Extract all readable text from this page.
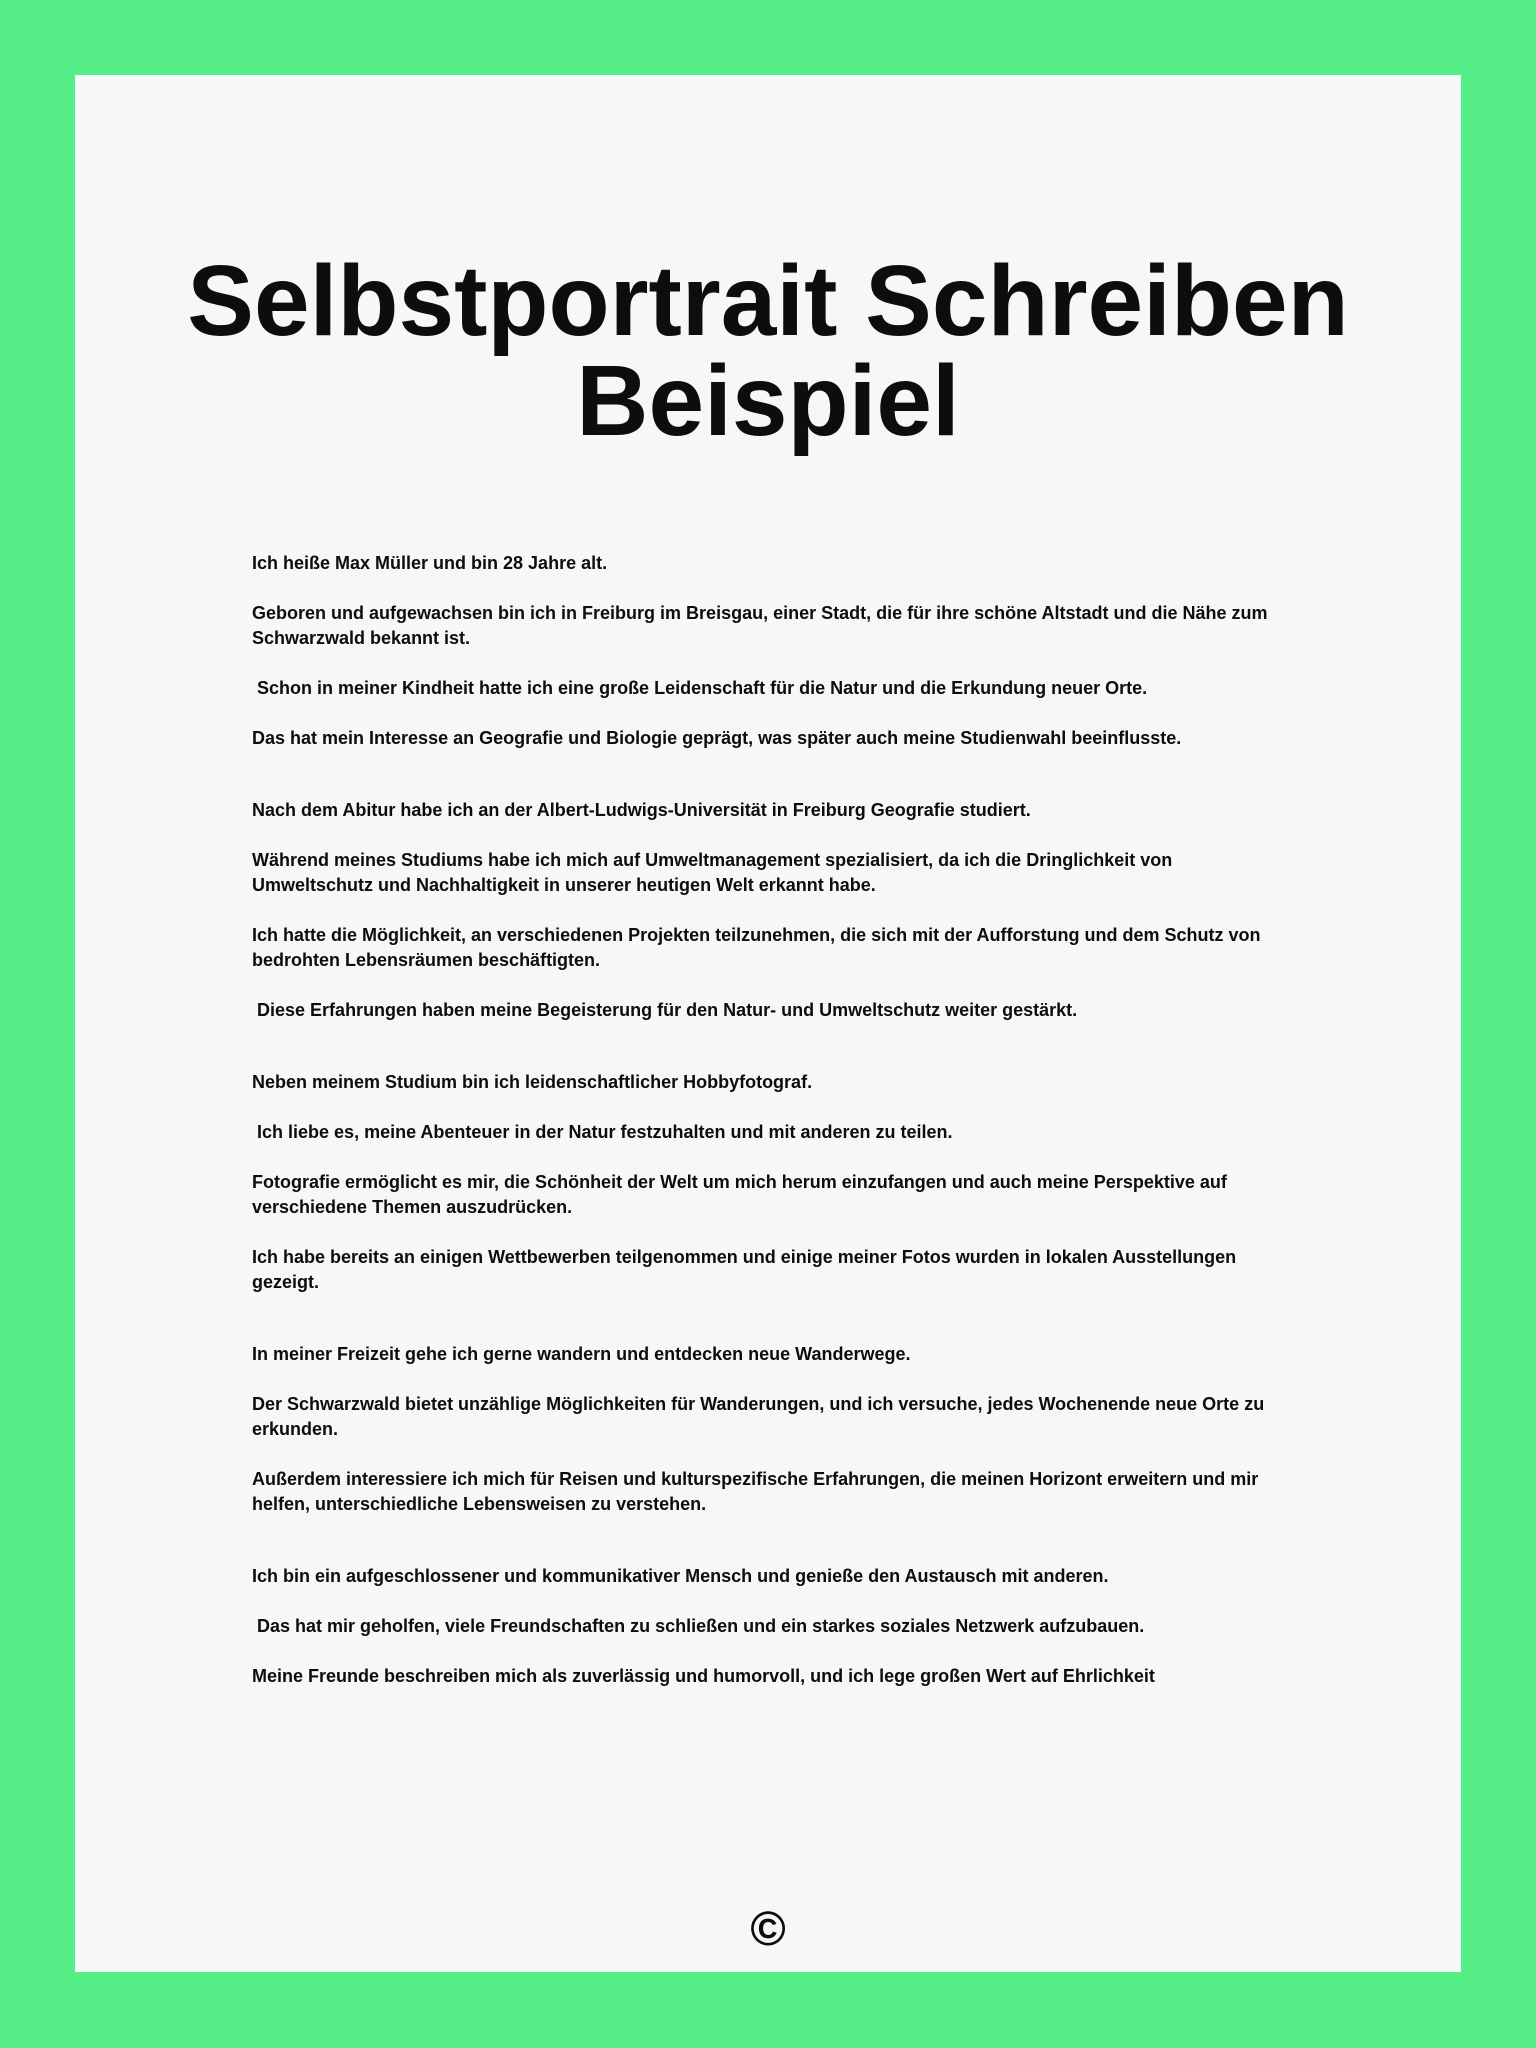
Selbstportrait Schreiben Beispiel

Ich heiße Max Müller und bin 28 Jahre alt.

Geboren und aufgewachsen bin ich in Freiburg im Breisgau, einer Stadt, die für ihre schöne Altstadt und die Nähe zum Schwarzwald bekannt ist.

Schon in meiner Kindheit hatte ich eine große Leidenschaft für die Natur und die Erkundung neuer Orte.

Das hat mein Interesse an Geografie und Biologie geprägt, was später auch meine Studienwahl beeinflusste.

Nach dem Abitur habe ich an der Albert-Ludwigs-Universität in Freiburg Geografie studiert.

Während meines Studiums habe ich mich auf Umweltmanagement spezialisiert, da ich die Dringlichkeit von Umweltschutz und Nachhaltigkeit in unserer heutigen Welt erkannt habe.

Ich hatte die Möglichkeit, an verschiedenen Projekten teilzunehmen, die sich mit der Aufforstung und dem Schutz von bedrohten Lebensräumen beschäftigten.

Diese Erfahrungen haben meine Begeisterung für den Natur- und Umweltschutz weiter gestärkt.

Neben meinem Studium bin ich leidenschaftlicher Hobbyfotograf.

Ich liebe es, meine Abenteuer in der Natur festzuhalten und mit anderen zu teilen.

Fotografie ermöglicht es mir, die Schönheit der Welt um mich herum einzufangen und auch meine Perspektive auf verschiedene Themen auszudrücken.

Ich habe bereits an einigen Wettbewerben teilgenommen und einige meiner Fotos wurden in lokalen Ausstellungen gezeigt.

In meiner Freizeit gehe ich gerne wandern und entdecken neue Wanderwege.

Der Schwarzwald bietet unzählige Möglichkeiten für Wanderungen, und ich versuche, jedes Wochenende neue Orte zu erkunden.

Außerdem interessiere ich mich für Reisen und kulturspezifische Erfahrungen, die meinen Horizont erweitern und mir helfen, unterschiedliche Lebensweisen zu verstehen.

Ich bin ein aufgeschlossener und kommunikativer Mensch und genieße den Austausch mit anderen.

Das hat mir geholfen, viele Freundschaften zu schließen und ein starkes soziales Netzwerk aufzubauen.

Meine Freunde beschreiben mich als zuverlässig und humorvoll, und ich lege großen Wert auf Ehrlichkeit

©
